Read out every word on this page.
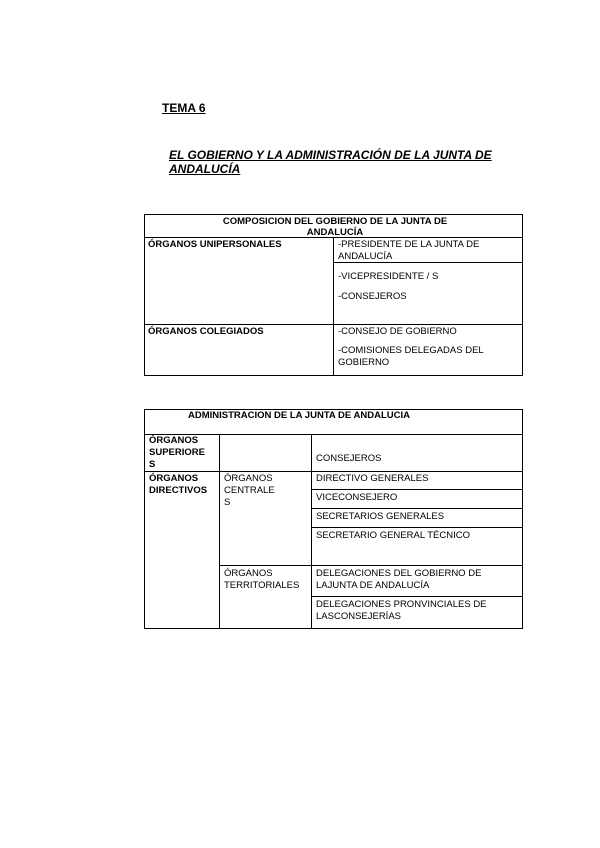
TEMA 6
EL GOBIERNO Y LA ADMINISTRACIÓN DE LA JUNTA DE ANDALUCÍA
COMPOSICION DEL GOBIERNO DE LA JUNTA DE ANDALUCÍA
ÓRGANOS UNIPERSONALES	-PRESIDENTE DE LA JUNTA DE ANDALUCÍA
-VICEPRESIDENTE / S
-CONSEJEROS
ÓRGANOS COLEGIADOS	-CONSEJO DE GOBIERNO
-COMISIONES DELEGADAS DEL GOBIERNO
ADMINISTRACION DE LA JUNTA DE ANDALUCIA
ÓRGANOS SUPERIORES
CONSEJEROS
ÓRGANOS DIRECTIVOS
ÓRGANOS CENTRALES
DIRECTIVO GENERALES
VICECONSEJERO
SECRETARIOS GENERALES
SECRETARIO GENERAL TÉCNICO
ÓRGANOS TERRITORIALES
DELEGACIONES DEL GOBIERNO DE LAJUNTA DE ANDALUCÍA
DELEGACIONES PRONVINCIALES DE LASCONSEJERÍAS
